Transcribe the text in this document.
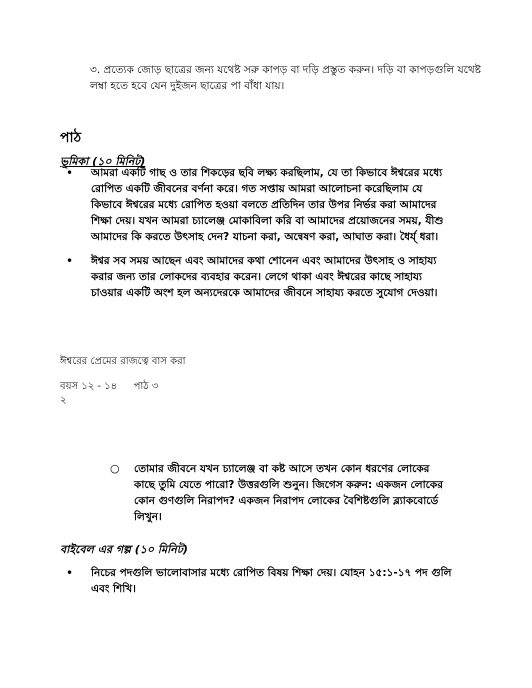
৩. প্রত্যেক জোড় ছাত্রের জন্য যথেষ্ট সরু কাপড় বা দড়ি প্রস্তুত করুন। দড়ি বা কাপড়গুলি যথেষ্ট
লম্বা হতে হবে যেন দুইজন ছাত্রের পা বাঁধা যায়।
পাঠ
ভূমিকা (১০ মিনিট)
• আমরা একটি গাছ ও তার শিকড়ের ছবি লক্ষ্য করছিলাম, যে তা কিভাবে ঈশ্বরের মধ্যে
রোপিত একটি জীবনের বর্ণনা করে। গত সপ্তায় আমরা আলোচনা করেছিলাম যে
কিভাবে ঈশ্বরের মধ্যে রোপিত হওয়া বলতে প্রতিদিন তার উপর নির্ভর করা আমাদের
শিক্ষা দেয়। যখন আমরা চ্যালেঞ্জ মোকাবিলা করি বা আমাদের প্রয়োজনের সময়, যীশু
আমাদের কি করতে উৎসাহ দেন? যাচনা করা, অন্বেষণ করা, আঘাত করা। ধৈর্য্ ধরা।
• ঈশ্বর সব সময় আছেন এবং আমাদের কথা শোনেন এবং আমাদের উৎসাহ ও সাহায্য
করার জন্য তার লোকদের ব্যবহার করেন। লেগে থাকা এবং ঈশ্বরের কাছে সাহায্য
চাওয়ার একটি অংশ হল অন্যদেরকে আমাদের জীবনে সাহায্য করতে সুযোগ দেওয়া।
ঈশ্বরের প্রেমের রাজত্বে বাস করা
বয়স ১২ - ১৪ পাঠ ৩
২
○ তোমার জীবনে যখন চ্যালেঞ্জ বা কষ্ট আসে তখন কোন ধরণের লোকের
কাছে তুমি যেতে পারো? উত্তরগুলি শুনুন। জিগেস করুন: একজন লোকের
কোন গুণগুলি নিরাপদ? একজন নিরাপদ লোকের বৈশিষ্টগুলি ব্ল্যাকবোর্ডে
লিখুন।
বাইবেল এর গল্প (১০ মিনিট)
• নিচের পদগুলি ভালোবাসার মধ্যে রোপিত বিষয় শিক্ষা দেয়। যোহন ১৫:১-১৭ পদ গুলি
এবং শিখি।
